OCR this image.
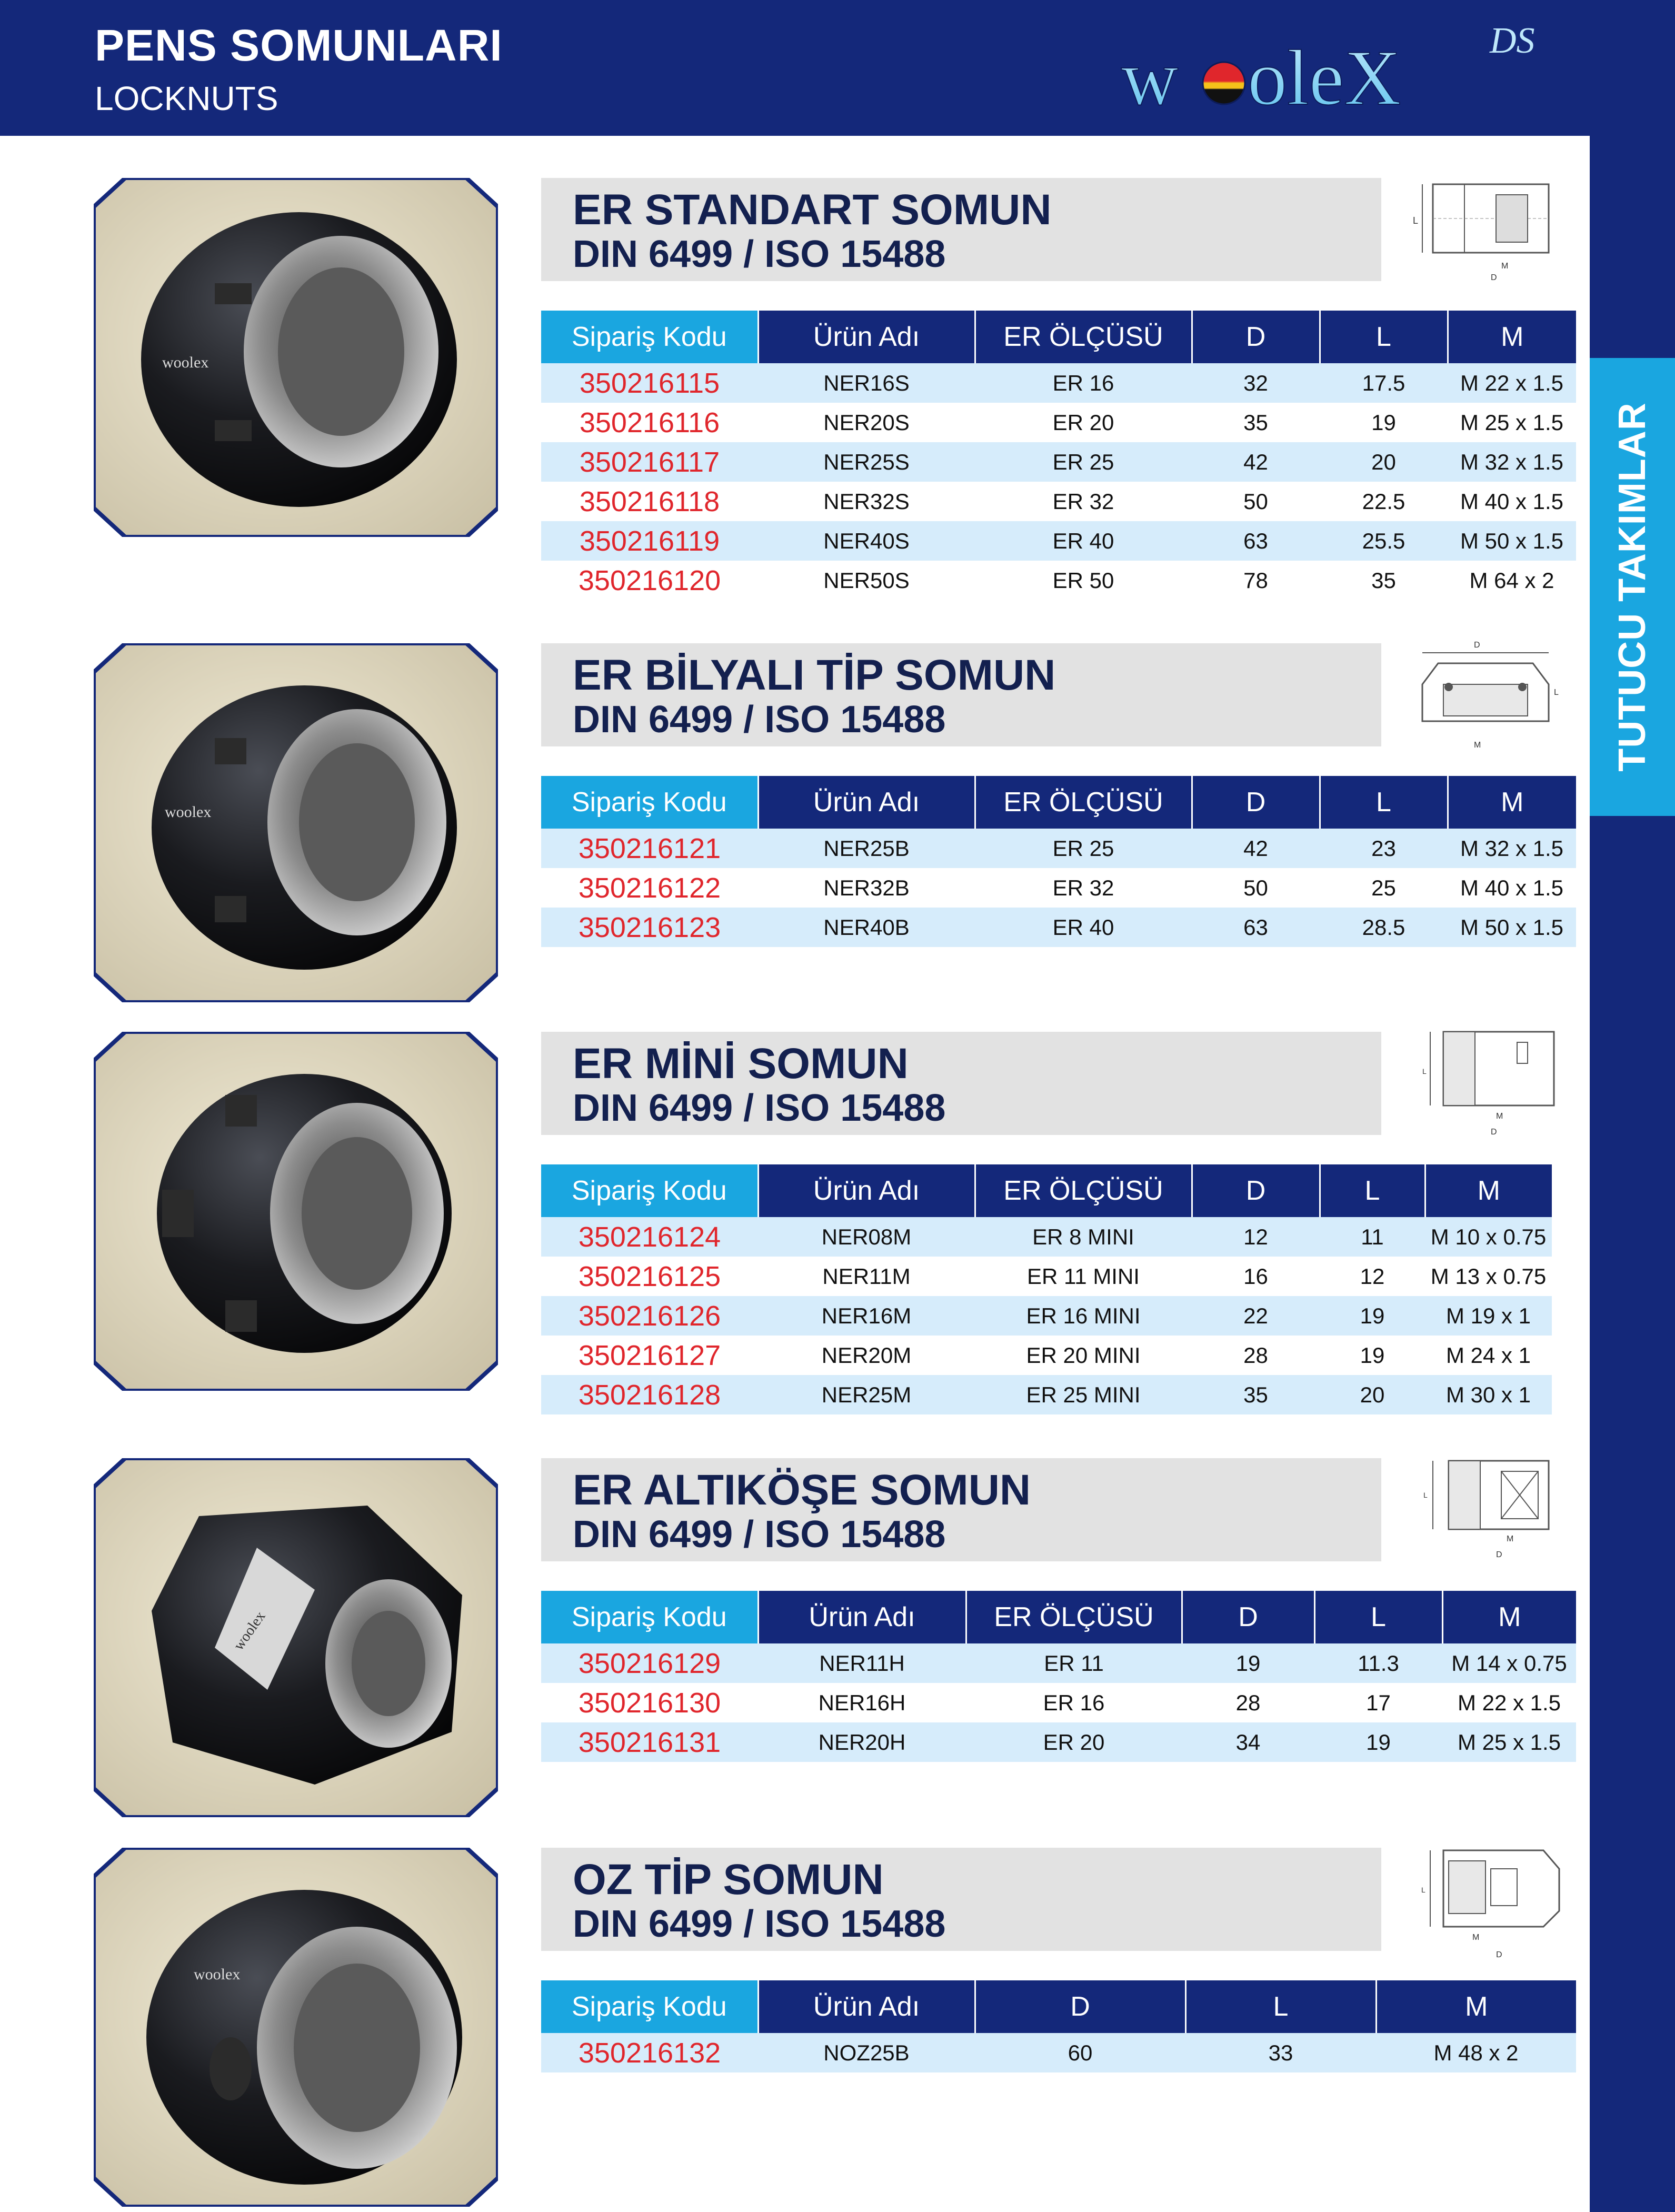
PENS SOMUNLARI
LOCKNUTS	w oleX DS
TUTUCU TAKIMLAR
woolex
ER STANDART SOMUN
DIN 6499 / ISO 15488
L
M
D
Sipariş Kodu	Ürün Adı	ER ÖLÇÜSÜ	D	L	M
350216115	NER16S	ER 16	32	17.5	M 22 x 1.5
350216116	NER20S	ER 20	35	19	M 25 x 1.5
350216117	NER25S	ER 25	42	20	M 32 x 1.5
350216118	NER32S	ER 32	50	22.5	M 40 x 1.5
350216119	NER40S	ER 40	63	25.5	M 50 x 1.5
350216120	NER50S	ER 50	78	35	M 64 x 2
woolex
ER BİLYALI TİP SOMUN
DIN 6499 / ISO 15488
D
L
M
Sipariş Kodu	Ürün Adı	ER ÖLÇÜSÜ	D	L	M
350216121	NER25B	ER 25	42	23	M 32 x 1.5
350216122	NER32B	ER 32	50	25	M 40 x 1.5
350216123	NER40B	ER 40	63	28.5	M 50 x 1.5
ER MİNİ SOMUN
DIN 6499 / ISO 15488
L
M
D
Sipariş Kodu	Ürün Adı	ER ÖLÇÜSÜ	D	L	M
350216124	NER08M	ER 8 MINI	12	11	M 10 x 0.75
350216125	NER11M	ER 11 MINI	16	12	M 13 x 0.75
350216126	NER16M	ER 16 MINI	22	19	M 19 x 1
350216127	NER20M	ER 20 MINI	28	19	M 24 x 1
350216128	NER25M	ER 25 MINI	35	20	M 30 x 1
woolex
ER ALTIKÖŞE SOMUN
DIN 6499 / ISO 15488
L
M
D
Sipariş Kodu	Ürün Adı	ER ÖLÇÜSÜ	D	L	M
350216129	NER11H	ER 11	19	11.3	M 14 x 0.75
350216130	NER16H	ER 16	28	17	M 22 x 1.5
350216131	NER20H	ER 20	34	19	M 25 x 1.5
woolex
OZ TİP SOMUN
DIN 6499 / ISO 15488
L
M
D
Sipariş Kodu	Ürün Adı	D	L	M
350216132	NOZ25B	60	33	M 48 x 2
